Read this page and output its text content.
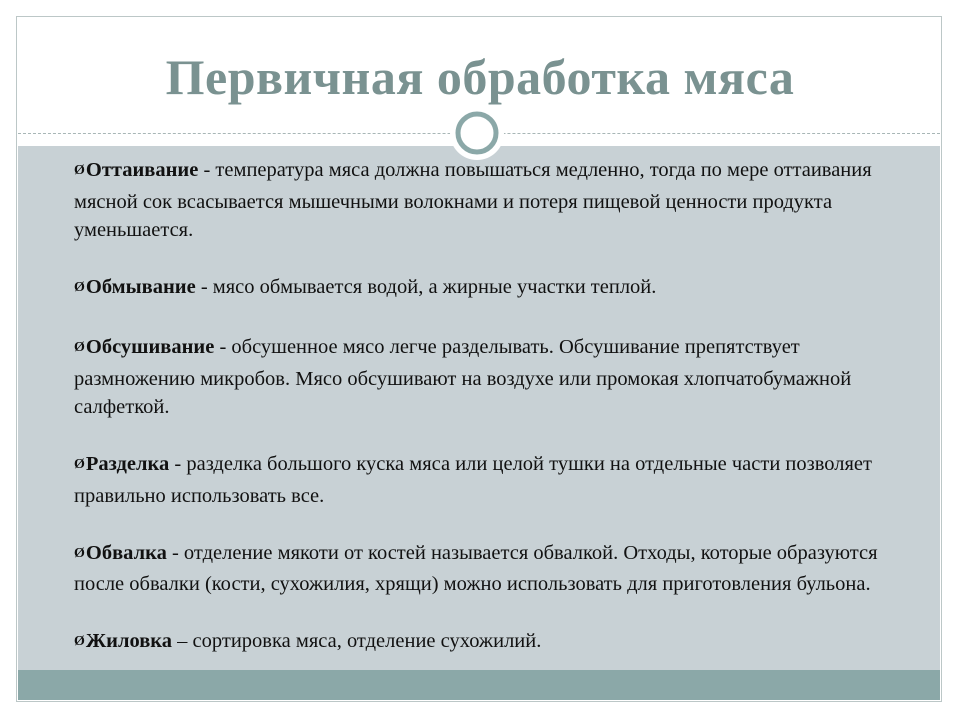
Первичная обработка мяса
ØОттаивание - температура мяса должна повышаться медленно, тогда по мере оттаивания мясной сок всасывается мышечными волокнами и потеря пищевой ценности продукта уменьшается.
ØОбмывание - мясо обмывается водой, а жирные участки теплой.
ØОбсушивание - обсушенное мясо легче разделывать. Обсушивание препятствует размножению микробов. Мясо обсушивают на воздухе или промокая хлопчатобумажной салфеткой.
ØРазделка - разделка большого куска мяса или целой тушки на отдельные части позволяет правильно использовать все.
ØОбвалка - отделение мякоти от костей называется обвалкой. Отходы, которые образуются после обвалки (кости, сухожилия, хрящи) можно использовать для приготовления бульона.
ØЖиловка – сортировка мяса, отделение сухожилий.
